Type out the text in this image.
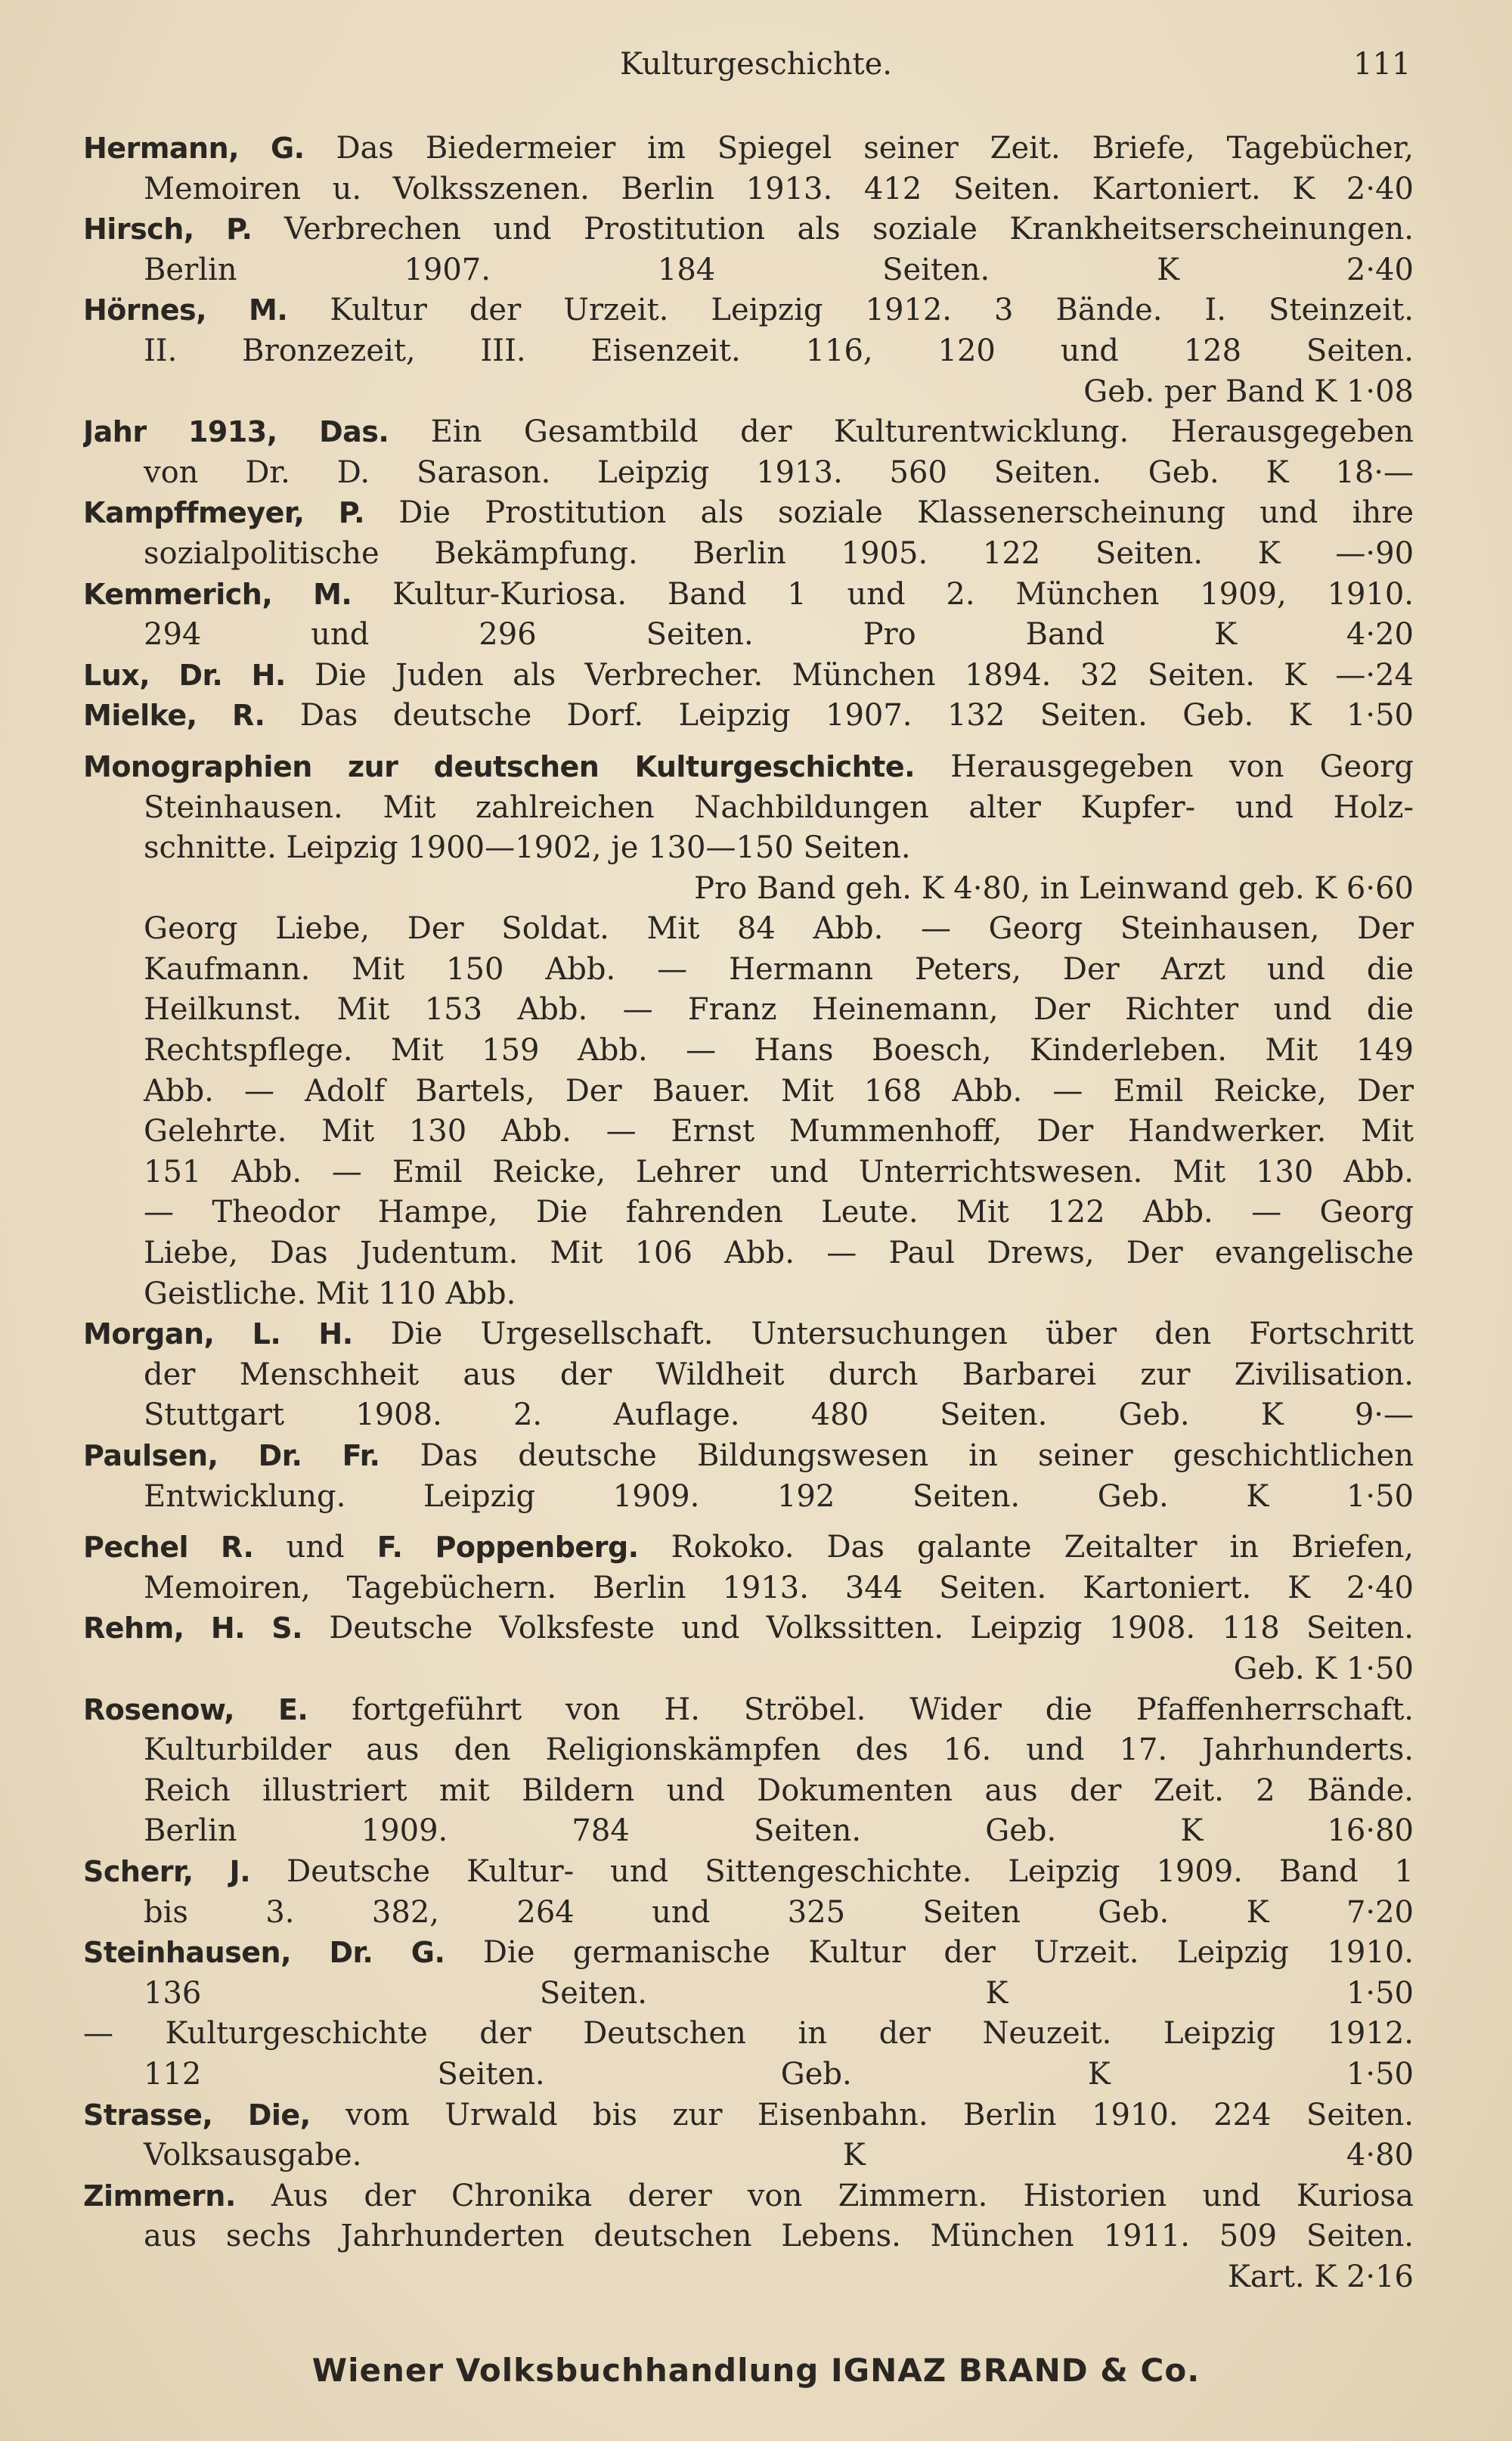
Kulturgeschichte.	111
Hermann, G. Das Biedermeier im Spiegel seiner Zeit. Briefe, Tagebücher,
Memoiren u. Volksszenen. Berlin 1913. 412 Seiten. Kartoniert. K 2·40
Hirsch, P. Verbrechen und Prostitution als soziale Krankheitserscheinungen.
Berlin 1907. 184 Seiten.	K 2·40
Hörnes, M. Kultur der Urzeit. Leipzig 1912. 3 Bände. I. Steinzeit.
II. Bronzezeit, III. Eisenzeit. 116, 120 und 128 Seiten.
Geb. per Band K 1·08
Jahr 1913, Das. Ein Gesamtbild der Kulturentwicklung. Herausgegeben
von Dr. D. Sarason. Leipzig 1913. 560 Seiten. Geb. K 18·—
Kampffmeyer, P. Die Prostitution als soziale Klassenerscheinung und ihre
sozialpolitische Bekämpfung. Berlin 1905. 122 Seiten. K —·90
Kemmerich, M. Kultur-Kuriosa. Band 1 und 2. München 1909, 1910.
294 und 296 Seiten.	Pro Band K 4·20
Lux, Dr. H. Die Juden als Verbrecher. München 1894. 32 Seiten. K —·24
Mielke, R. Das deutsche Dorf. Leipzig 1907. 132 Seiten. Geb. K 1·50
Monographien zur deutschen Kulturgeschichte. Herausgegeben von Georg
Steinhausen. Mit zahlreichen Nachbildungen alter Kupfer- und Holz-
schnitte. Leipzig 1900—1902, je 130—150 Seiten.
Pro Band geh. K 4·80, in Leinwand geb. K 6·60
Georg Liebe, Der Soldat. Mit 84 Abb. — Georg Steinhausen, Der
Kaufmann. Mit 150 Abb. — Hermann Peters, Der Arzt und die
Heilkunst. Mit 153 Abb. — Franz Heinemann, Der Richter und die
Rechtspflege. Mit 159 Abb. — Hans Boesch, Kinderleben. Mit 149
Abb. — Adolf Bartels, Der Bauer. Mit 168 Abb. — Emil Reicke, Der
Gelehrte. Mit 130 Abb. — Ernst Mummenhoff, Der Handwerker. Mit
151 Abb. — Emil Reicke, Lehrer und Unterrichtswesen. Mit 130 Abb.
— Theodor Hampe, Die fahrenden Leute. Mit 122 Abb. — Georg
Liebe, Das Judentum. Mit 106 Abb. — Paul Drews, Der evangelische
Geistliche. Mit 110 Abb.
Morgan, L. H. Die Urgesellschaft. Untersuchungen über den Fortschritt
der Menschheit aus der Wildheit durch Barbarei zur Zivilisation.
Stuttgart 1908. 2. Auflage. 480 Seiten. Geb. K 9·—
Paulsen, Dr. Fr. Das deutsche Bildungswesen in seiner geschichtlichen
Entwicklung. Leipzig 1909. 192 Seiten.	Geb. K 1·50
Pechel R. und F. Poppenberg. Rokoko. Das galante Zeitalter in Briefen,
Memoiren, Tagebüchern. Berlin 1913. 344 Seiten. Kartoniert. K 2·40
Rehm, H. S. Deutsche Volksfeste und Volkssitten. Leipzig 1908. 118 Seiten.
Geb. K 1·50
Rosenow, E. fortgeführt von H. Ströbel. Wider die Pfaffenherrschaft.
Kulturbilder aus den Religionskämpfen des 16. und 17. Jahrhunderts.
Reich illustriert mit Bildern und Dokumenten aus der Zeit. 2 Bände.
Berlin 1909. 784 Seiten.	Geb. K 16·80
Scherr, J. Deutsche Kultur- und Sittengeschichte. Leipzig 1909. Band 1
bis 3. 382, 264 und 325 Seiten	Geb. K 7·20
Steinhausen, Dr. G. Die germanische Kultur der Urzeit. Leipzig 1910.
136 Seiten.	K 1·50
— Kulturgeschichte der Deutschen in der Neuzeit. Leipzig 1912.
112 Seiten.	Geb. K 1·50
Strasse, Die, vom Urwald bis zur Eisenbahn. Berlin 1910. 224 Seiten.
Volksausgabe.	K 4·80
Zimmern. Aus der Chronika derer von Zimmern. Historien und Kuriosa
aus sechs Jahrhunderten deutschen Lebens. München 1911. 509 Seiten.
Kart. K 2·16
Wiener Volksbuchhandlung IGNAZ BRAND & Co.
